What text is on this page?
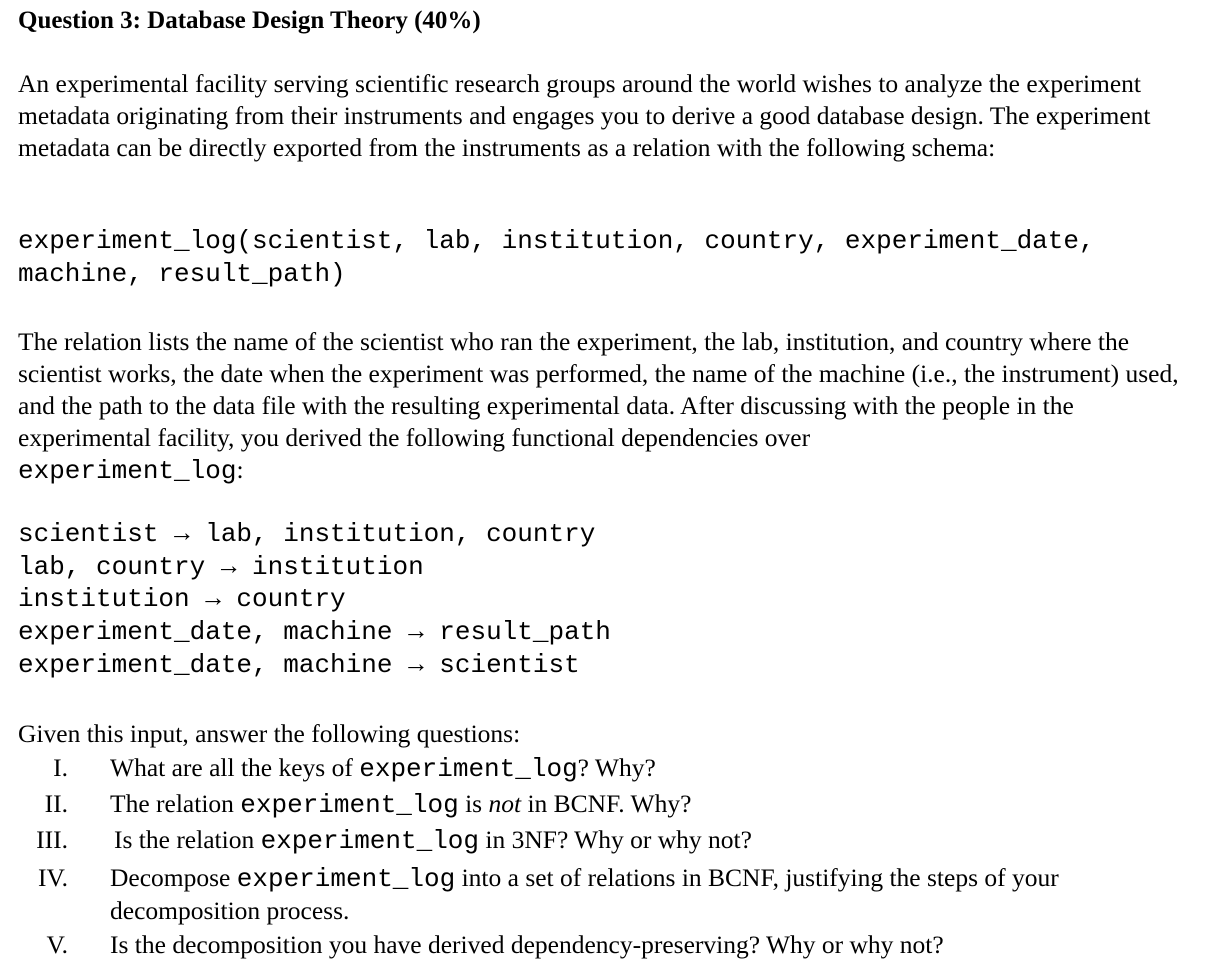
Question 3: Database Design Theory (40%)
An experimental facility serving scientific research groups around the world wishes to analyze the experiment metadata originating from their instruments and engages you to derive a good database design. The experiment metadata can be directly exported from the instruments as a relation with the following schema:
experiment_log(scientist, lab, institution, country, experiment_date,
machine, result_path)
The relation lists the name of the scientist who ran the experiment, the lab, institution, and country where the scientist works, the date when the experiment was performed, the name of the machine (i.e., the instrument) used, and the path to the data file with the resulting experimental data. After discussing with the people in the experimental facility, you derived the following functional dependencies over
experiment_log:
scientist → lab, institution, country
lab, country → institution
institution → country
experiment_date, machine → result_path
experiment_date, machine → scientist
Given this input, answer the following questions:
I. What are all the keys of experiment_log? Why?
II. The relation experiment_log is not in BCNF. Why?
III. Is the relation experiment_log in 3NF? Why or why not?
IV. Decompose experiment_log into a set of relations in BCNF, justifying the steps of your decomposition process.
V. Is the decomposition you have derived dependency-preserving? Why or why not?
